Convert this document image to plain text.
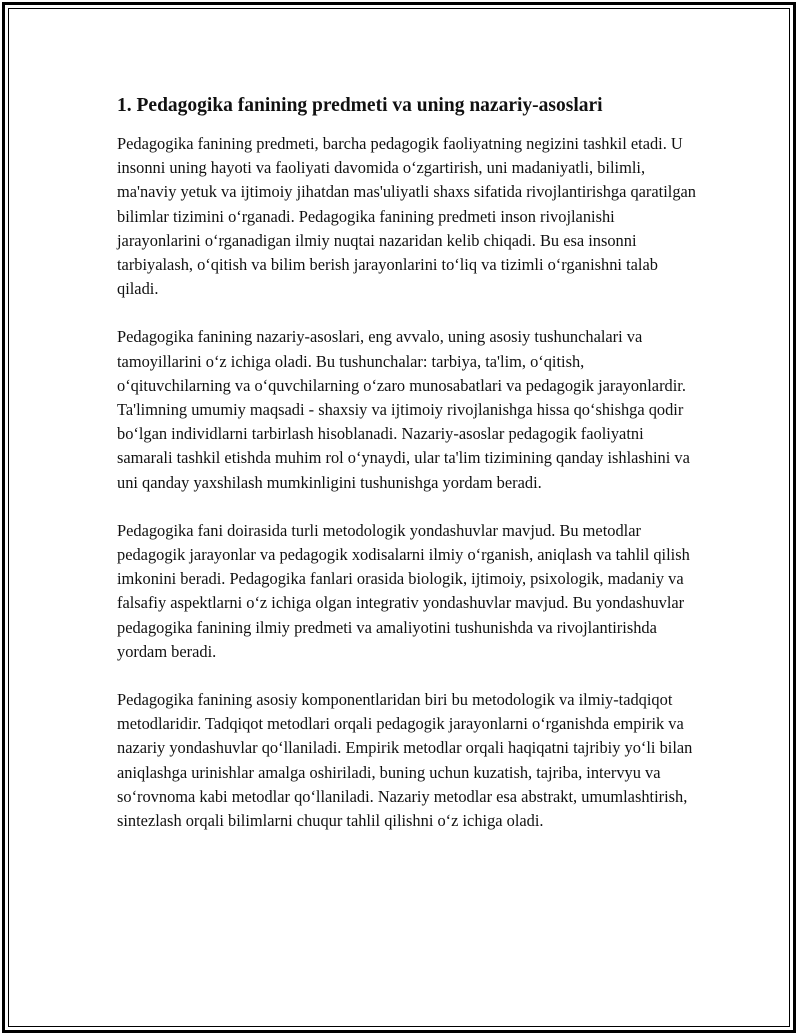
1. Pedagogika fanining predmeti va uning nazariy-asoslari

Pedagogika fanining predmeti, barcha pedagogik faoliyatning negizini tashkil etadi. U insonni uning hayoti va faoliyati davomida o‘zgartirish, uni madaniyatli, bilimli, ma'naviy yetuk va ijtimoiy jihatdan mas'uliyatli shaxs sifatida rivojlantirishga qaratilgan bilimlar tizimini o‘rganadi. Pedagogika fanining predmeti inson rivojlanishi jarayonlarini o‘rganadigan ilmiy nuqtai nazaridan kelib chiqadi. Bu esa insonni tarbiyalash, o‘qitish va bilim berish jarayonlarini to‘liq va tizimli o‘rganishni talab qiladi.

Pedagogika fanining nazariy-asoslari, eng avvalo, uning asosiy tushunchalari va tamoyillarini o‘z ichiga oladi. Bu tushunchalar: tarbiya, ta'lim, o‘qitish, o‘qituvchilarning va o‘quvchilarning o‘zaro munosabatlari va pedagogik jarayonlardir. Ta'limning umumiy maqsadi - shaxsiy va ijtimoiy rivojlanishga hissa qo‘shishga qodir bo‘lgan individlarni tarbirlash hisoblanadi. Nazariy-asoslar pedagogik faoliyatni samarali tashkil etishda muhim rol o‘ynaydi, ular ta'lim tizimining qanday ishlashini va uni qanday yaxshilash mumkinligini tushunishga yordam beradi.

Pedagogika fani doirasida turli metodologik yondashuvlar mavjud. Bu metodlar pedagogik jarayonlar va pedagogik xodisalarni ilmiy o‘rganish, aniqlash va tahlil qilish imkonini beradi. Pedagogika fanlari orasida biologik, ijtimoiy, psixologik, madaniy va falsafiy aspektlarni o‘z ichiga olgan integrativ yondashuvlar mavjud. Bu yondashuvlar pedagogika fanining ilmiy predmeti va amaliyotini tushunishda va rivojlantirishda yordam beradi.

Pedagogika fanining asosiy komponentlaridan biri bu metodologik va ilmiy-tadqiqot metodlaridir. Tadqiqot metodlari orqali pedagogik jarayonlarni o‘rganishda empirik va nazariy yondashuvlar qo‘llaniladi. Empirik metodlar orqali haqiqatni tajribiy yo‘li bilan aniqlashga urinishlar amalga oshiriladi, buning uchun kuzatish, tajriba, intervyu va so‘rovnoma kabi metodlar qo‘llaniladi. Nazariy metodlar esa abstrakt, umumlashtirish, sintezlash orqali bilimlarni chuqur tahlil qilishni o‘z ichiga oladi.
